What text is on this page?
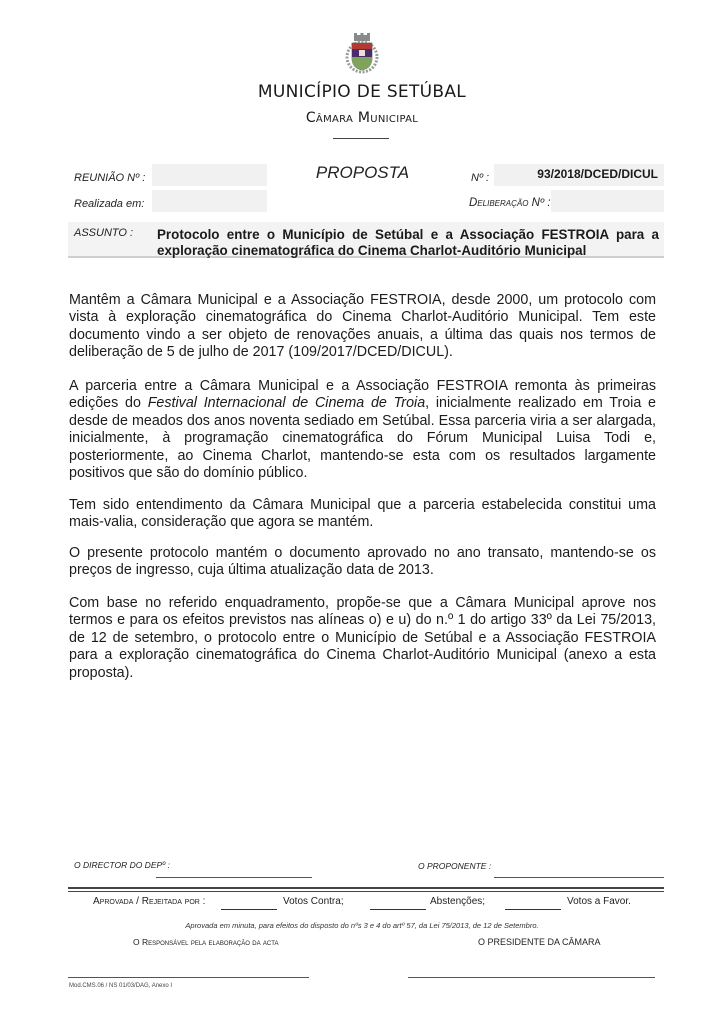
MUNICÍPIO DE SETÚBAL
Câmara Municipal
REUNIÃO Nº :	PROPOSTA	Nº :	93/2018/DCED/DICUL
Realizada em:	Deliberação Nº :
ASSUNTO : Protocolo entre o Município de Setúbal e a Associação FESTROIA para a exploração cinematográfica do Cinema Charlot-Auditório Municipal

Mantêm a Câmara Municipal e a Associação FESTROIA, desde 2000, um protocolo com vista à exploração cinematográfica do Cinema Charlot-Auditório Municipal. Tem este documento vindo a ser objeto de renovações anuais, a última das quais nos termos de deliberação de 5 de julho de 2017 (109/2017/DCED/DICUL).

A parceria entre a Câmara Municipal e a Associação FESTROIA remonta às primeiras edições do Festival Internacional de Cinema de Troia, inicialmente realizado em Troia e desde de meados dos anos noventa sediado em Setúbal. Essa parceria viria a ser alargada, inicialmente, à programação cinematográfica do Fórum Municipal Luisa Todi e, posteriormente, ao Cinema Charlot, mantendo-se esta com os resultados largamente positivos que são do domínio público.

Tem sido entendimento da Câmara Municipal que a parceria estabelecida constitui uma mais-valia, consideração que agora se mantém.

O presente protocolo mantém o documento aprovado no ano transato, mantendo-se os preços de ingresso, cuja última atualização data de 2013.

Com base no referido enquadramento, propõe-se que a Câmara Municipal aprove nos termos e para os efeitos previstos nas alíneas o) e u) do n.º 1 do artigo 33º da Lei 75/2013, de 12 de setembro, o protocolo entre o Município de Setúbal e a Associação FESTROIA para a exploração cinematográfica do Cinema Charlot-Auditório Municipal (anexo a esta proposta).

O DIRECTOR DO DEPº :	O PROPONENTE :
Aprovada / Rejeitada por :	Votos Contra;	Abstenções;	Votos a Favor.
Aprovada em minuta, para efeitos do disposto do nºs 3 e 4 do artº 57, da Lei 75/2013, de 12 de Setembro.
O Responsável pela elaboração da acta	O PRESIDENTE DA CÂMARA
Mod.CMS.06 / NS 01/03/DAG, Anexo I
